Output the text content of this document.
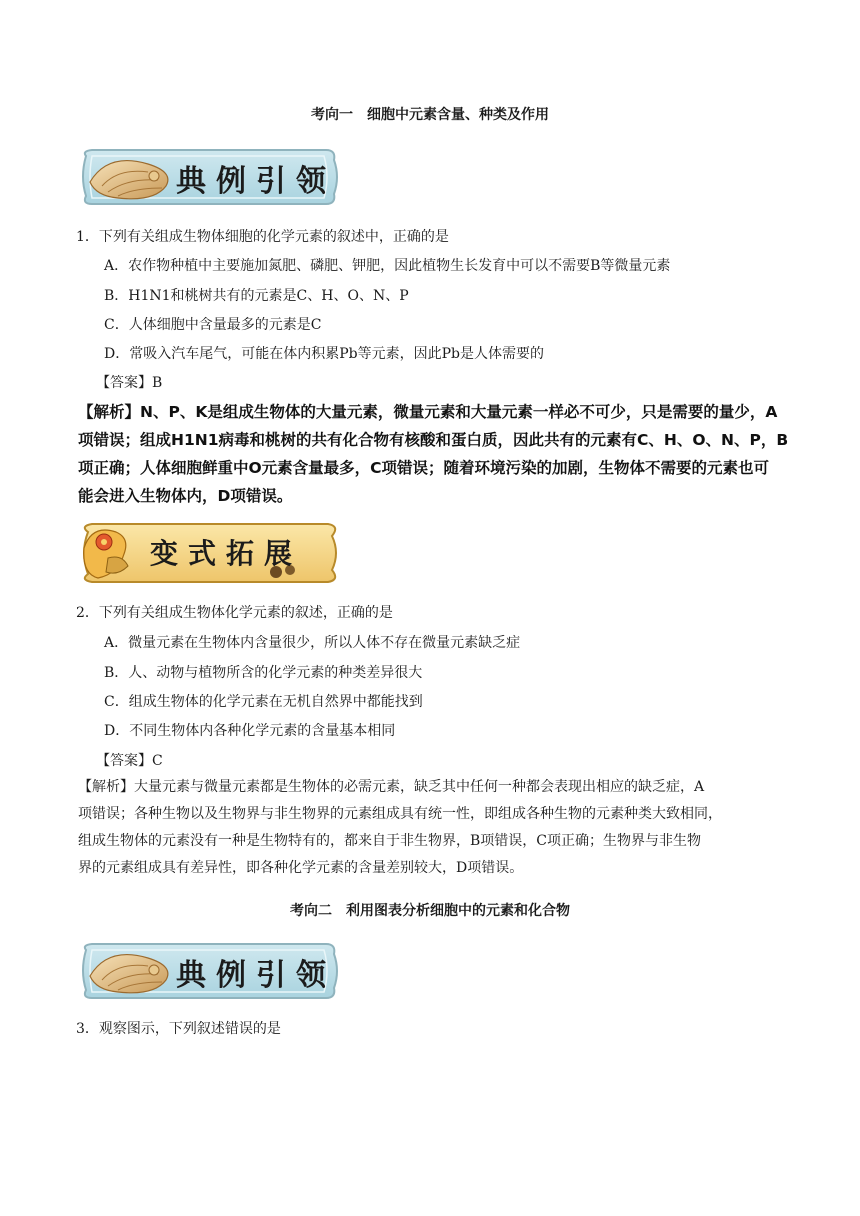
考向一　细胞中元素含量、种类及作用
典例引领
1．下列有关组成生物体细胞的化学元素的叙述中，正确的是
A．农作物种植中主要施加氮肥、磷肥、钾肥，因此植物生长发育中可以不需要B等微量元素
B．H1N1和桃树共有的元素是C、H、O、N、P
C．人体细胞中含量最多的元素是C
D．常吸入汽车尾气，可能在体内积累Pb等元素，因此Pb是人体需要的
【答案】B
【解析】N、P、K是组成生物体的大量元素，微量元素和大量元素一样必不可少，只是需要的量少，A
项错误；组成H1N1病毒和桃树的共有化合物有核酸和蛋白质，因此共有的元素有C、H、O、N、P，B
项正确；人体细胞鲜重中O元素含量最多，C项错误；随着环境污染的加剧，生物体不需要的元素也可
能会进入生物体内，D项错误。
变式拓展
2．下列有关组成生物体化学元素的叙述，正确的是
A．微量元素在生物体内含量很少，所以人体不存在微量元素缺乏症
B．人、动物与植物所含的化学元素的种类差异很大
C．组成生物体的化学元素在无机自然界中都能找到
D．不同生物体内各种化学元素的含量基本相同
【答案】C
【解析】大量元素与微量元素都是生物体的必需元素，缺乏其中任何一种都会表现出相应的缺乏症，A
项错误；各种生物以及生物界与非生物界的元素组成具有统一性，即组成各种生物的元素种类大致相同，
组成生物体的元素没有一种是生物特有的，都来自于非生物界，B项错误，C项正确；生物界与非生物
界的元素组成具有差异性，即各种化学元素的含量差别较大，D项错误。
考向二　利用图表分析细胞中的元素和化合物
典例引领
3．观察图示，下列叙述错误的是
